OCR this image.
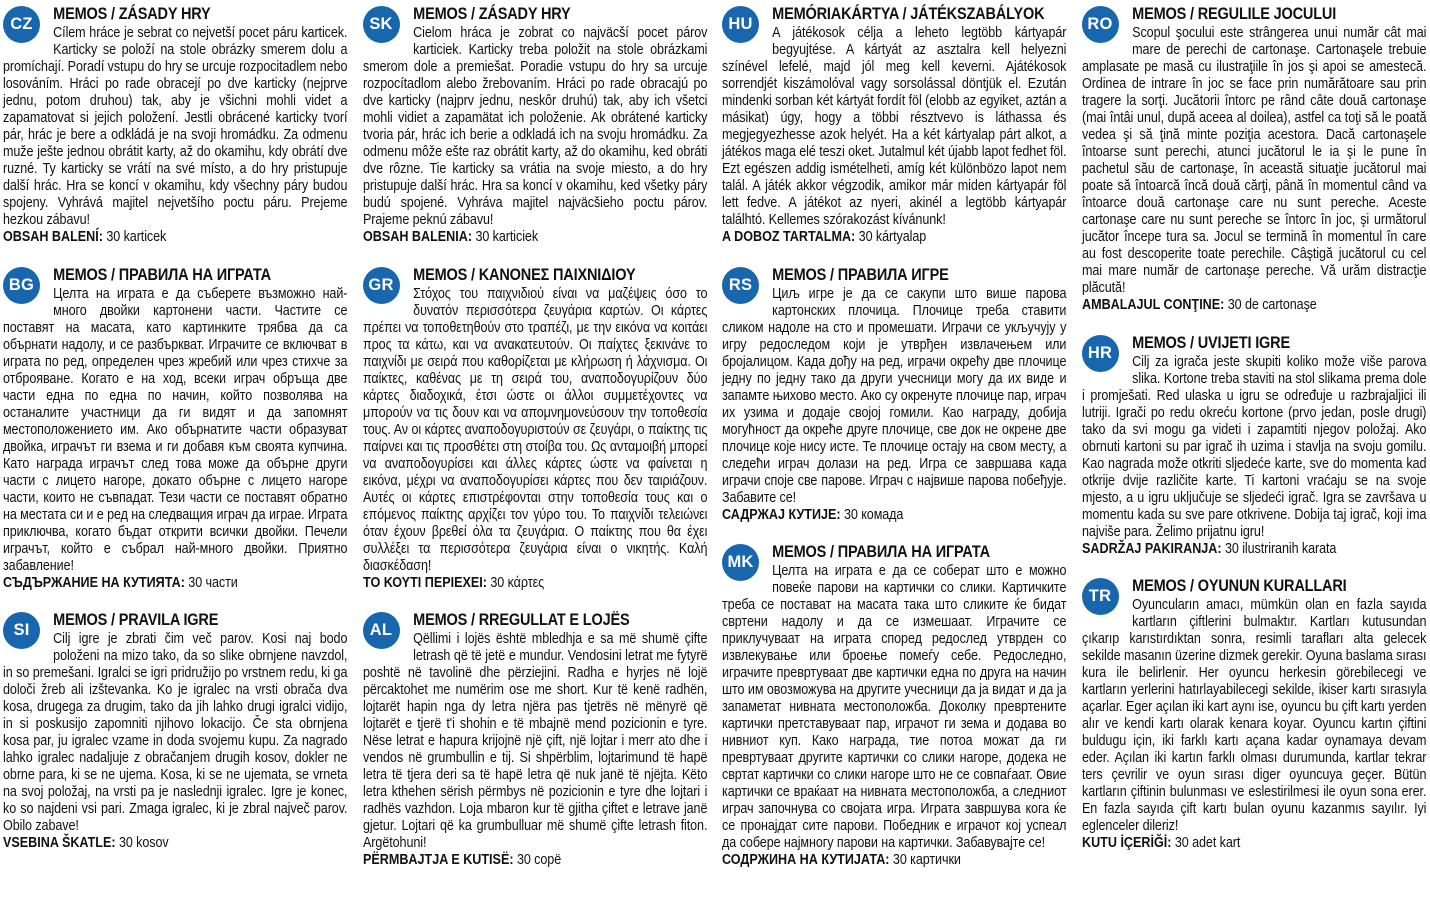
CZ
MEMOS / ZÁSADY HRY

Cílem hráce je sebrat co nejvetší pocet páru karticek. Karticky se položí na stole obrázky smerem dolu a promíchají. Poradí vstupu do hry se urcuje rozpocitadlem nebo losováním. Hráci po rade obracejí po dve karticky (nejprve jednu, potom druhou) tak, aby je všichni mohli videt a zapamatovat si jejich položení. Jestli obrácené karticky tvorí pár, hrác je bere a odkládá je na svoji hromádku. Za odmenu muže ješte jednou obrátit karty, až do okamihu, kdy obrátí dve ruzné. Ty karticky se vrátí na své místo, a do hry pristupuje další hrác. Hra se koncí v okamihu, kdy všechny páry budou spojeny. Vyhrává majitel nejvetšího poctu páru. Prejeme hezkou zábavu!

OBSAH BALENÍ: 30 karticek

BG
MEMOS / ПРАВИЛА НА ИГРАТА

Целта на играта е да съберете възможно най-много двойки картонени части. Частите се поставят на масата, като картинките трябва да са обърнати надолу, и се разбъркват. Играчите се включват в играта по ред, определен чрез жребий или чрез стихче за отброяване. Когато е на ход, всеки играч обръща две части една по една по начин, който позволява на останалите участници да ги видят и да запомнят местоположението им. Ако обърнатите части образуват двойка, играчът ги взема и ги добавя към своята купчина. Като награда играчът след това може да обърне други части с лицето нагоре, докато обърне с лицето нагоре части, които не съвпадат. Тези части се поставят обратно на местата си и е ред на следващия играч да играе. Играта приключва, когато бъдат открити всички двойки. Печели играчът, който е събрал най-много двойки. Приятно забавление!

СЪДЪРЖАНИЕ НА КУТИЯТА: 30 части

SI
MEMOS / PRAVILA IGRE

Cilj igre je zbrati čim več parov. Kosi naj bodo položeni na mizo tako, da so slike obrnjene navzdol, in so premešani. Igralci se igri pridružijo po vrstnem redu, ki ga določi žreb ali izštevanka. Ko je igralec na vrsti obrača dva kosa, drugega za drugim, tako da jih lahko drugi igralci vidijo, in si poskusijo zapomniti njihovo lokacijo. Če sta obrnjena kosa par, ju igralec vzame in doda svojemu kupu. Za nagrado lahko igralec nadaljuje z obračanjem drugih kosov, dokler ne obrne para, ki se ne ujema. Kosa, ki se ne ujemata, se vrneta na svoj položaj, na vrsti pa je naslednji igralec. Igre je konec, ko so najdeni vsi pari. Zmaga igralec, ki je zbral največ parov. Obilo zabave!

VSEBINA ŠKATLE: 30 kosov

SK
MEMOS / ZÁSADY HRY

Cielom hráca je zobrat co najväcší pocet párov karticiek. Karticky treba položit na stole obrázkami smerom dole a premiešat. Poradie vstupu do hry sa urcuje rozpocítadlom alebo žrebovaním. Hráci po rade obracajú po dve karticky (najprv jednu, neskôr druhú) tak, aby ich všetci mohli vidiet a zapamätat ich položenie. Ak obrátené karticky tvoria pár, hrác ich berie a odkladá ich na svoju hromádku. Za odmenu môže ešte raz obrátit karty, až do okamihu, ked obráti dve rôzne. Tie karticky sa vrátia na svoje miesto, a do hry pristupuje další hrác. Hra sa koncí v okamihu, ked všetky páry budú spojené. Vyhráva majitel najväcšieho poctu párov. Prajeme peknú zábavu!

OBSAH BALENIA: 30 karticiek

GR
MEMOS / ΚΑΝΟΝΕΣ ΠΑΙΧΝΙΔΙΟΥ

Στόχος του παιχνιδιού είναι να μαζέψεις όσο το δυνατόν περισσότερα ζευγάρια καρτών. Οι κάρτες πρέπει να τοποθετηθούν στο τραπέζι, με την εικόνα να κοιτάει προς τα κάτω, και να ανακατευτούν. Οι παίχτες ξεκινάνε το παιχνίδι με σειρά που καθορίζεται με κλήρωση ή λάχνισμα. Οι παίκτες, καθένας με τη σειρά του, αναποδογυρίζουν δύο κάρτες διαδοχικά, έτσι ώστε οι άλλοι συμμετέχοντες να μπορούν να τις δουν και να απομνημονεύσουν την τοποθεσία τους. Αν οι κάρτες αναποδογυριστούν σε ζευγάρι, ο παίκτης τις παίρνει και τις προσθέτει στη στοίβα του. Ως ανταμοιβή μπορεί να αναποδογυρίσει και άλλες κάρτες ώστε να φαίνεται η εικόνα, μέχρι να αναποδογυρίσει κάρτες που δεν ταιριάζουν. Αυτές οι κάρτες επιστρέφονται στην τοποθεσία τους και ο επόμενος παίκτης αρχίζει τον γύρο του. Το παιχνίδι τελειώνει όταν έχουν βρεθεί όλα τα ζευγάρια. Ο παίκτης που θα έχει συλλέξει τα περισσότερα ζευγάρια είναι ο νικητής. Καλή διασκέδαση!

ΤΟ ΚΟΥΤΙ ΠΕΡΙΕΧΕΙ: 30 κάρτες

AL
MEMOS / RREGULLAT E LOJËS

Qëllimi i lojës është mbledhja e sa më shumë çifte letrash që të jetë e mundur. Vendosini letrat me fytyrë poshtë në tavolinë dhe përziejini. Radha e hyrjes në lojë përcaktohet me numërim ose me short. Kur të kenë radhën, lojtarët hapin nga dy letra njëra pas tjetrës në mënyrë që lojtarët e tjerë t'i shohin e të mbajnë mend pozicionin e tyre. Nëse letrat e hapura krijojnë një çift, një lojtar i merr ato dhe i vendos në grumbullin e tij. Si shpërblim, lojtarimund të hapë letra të tjera deri sa të hapë letra që nuk janë të njëjta. Këto letra kthehen sërish përmbys në pozicionin e tyre dhe lojtari i radhës vazhdon. Loja mbaron kur të gjitha çiftet e letrave janë gjetur. Lojtari që ka grumbulluar më shumë çifte letrash fiton. Argëtohuni!

PËRMBAJTJA E KUTISË: 30 copë

HU
MEMÓRIAKÁRTYA / JÁTÉKSZABÁLYOK

A játékosok célja a leheto legtöbb kártyapár begyujtése. A kártyát az asztalra kell helyezni színével lefelé, majd jól meg kell keverni. Ajátékosok sorrendjét kiszámolóval vagy sorsolással döntjük el. Ezután mindenki sorban két kártyát fordít föl (elobb az egyiket, aztán a másikat) úgy, hogy a többi résztvevo is láthassa és megjegyezhesse azok helyét. Ha a két kártyalap párt alkot, a játékos maga elé teszi oket. Jutalmul két újabb lapot fedhet föl. Ezt egészen addig ismételheti, amíg két különbözo lapot nem talál. A játék akkor végzodik, amikor már miden kártyapár föl lett fedve. A játékot az nyeri, akinél a legtöbb kártyapár találhtó. Kellemes szórakozást kívánunk!

A DOBOZ TARTALMA: 30 kártyalap

RS
MEMOS / ПРАВИЛА ИГРЕ

Циљ игре је да се сакупи што више парова картонских плочица. Плочице треба ставити сликом надоле на сто и промешати. Играчи се укључују у игру редоследом који је утврђен извлачењем или бројалицом. Када дођу на ред, играчи окрећу две плочице једну по једну тако да други учесници могу да их виде и запамте њихово место. Ако су окренуте плочице пар, играч их узима и додаје својој гомили. Као награду, добија могућност да окреће друге плочице, све док не окрене две плочице које нису исте. Те плочице остају на свом месту, а следећи играч долази на ред. Игра се завршава када играчи споје све парове. Играч с највише парова побеђује. Забавите се!

САДРЖАЈ КУТИЈЕ: 30 комада

MK
MEMOS / ПРАВИЛА НА ИГРАТА

Целта на играта е да се соберат што е можно повеќе парови на картички со слики. Картичките треба се постават на масата така што сликите ќе бидат свртени надолу и да се измешаат. Играчите се приклучуваат на играта според редослед утврден со извлекување или броење помеѓу себе. Редоследно, играчите превртуваат две картички една по друга на начин што им овозможува на другите учесници да ја видат и да ја запаметат нивната местоположба. Доколку превртените картички претставуваат пар, играчот ги зема и додава во нивниот куп. Како награда, тие потоа можат да ги превртуваат другите картички со слики нагоре, додека не свртат картички со слики нагоре што не се совпаѓаат. Овие картички се враќаат на нивната местоположба, а следниот играч започнува со својата игра. Играта завршува кога ќе се пронајдат сите парови. Победник е играчот кој успеал да собере најмногу парови на картички. Забавувајте се!

СОДРЖИНА НА КУТИЈАТА: 30 картички

RO
MEMOS / REGULILE JOCULUI

Scopul şocului este strângerea unui număr cât mai mare de perechi de cartonaşe. Cartonaşele trebuie amplasate pe masă cu ilustraţiile în jos şi apoi se amestecă. Ordinea de intrare în joc se face prin numărătoare sau prin tragere la sorţi. Jucătorii întorc pe rând câte două cartonaşe (mai întâi unul, după aceea al doilea), astfel ca toţi să le poată vedea şi să ţină minte poziţia acestora. Dacă cartonaşele întoarse sunt perechi, atunci jucătorul le ia şi le pune în pachetul său de cartonaşe, în această situaţie jucătorul mai poate să întoarcă încă două cărţi, până în momentul când va întoarce două cartonaşe care nu sunt pereche. Aceste cartonaşe care nu sunt pereche se întorc în joc, şi următorul jucător începe tura sa. Jocul se termină în momentul în care au fost descoperite toate perechile. Câştigă jucătorul cu cel mai mare număr de cartonaşe pereche. Vă urăm distracţie plăcută!

AMBALAJUL CONŢINE: 30 de cartonaşe

HR
MEMOS / UVIJETI IGRE

Cilj za igrača jeste skupiti koliko može više parova slika. Kortone treba staviti na stol slikama prema dole i promješati. Red ulaska u igru se određuje u razbrajaljici ili lutriji. Igrači po redu okreću kortone (prvo jedan, posle drugi) tako da svi mogu ga videti i zapamtiti njegov položaj. Ako obrnuti kartoni su par igrač ih uzima i stavlja na svoju gomilu. Kao nagrada može otkriti sljedeće karte, sve do momenta kad otkrije dvije različite karte. Ti kartoni vraćaju se na svoje mjesto, a u igru uključuje se sljedeći igrač. Igra se završava u momentu kada su sve pare otkrivene. Dobija taj igrač, koji ima najviše para. Želimo prijatnu igru!

SADRŽAJ PAKIRANJA: 30 ilustriranih karata

TR
MEMOS / OYUNUN KURALLARI

Oyuncuların amacı, mümkün olan en fazla sayıda kartların çiftlerini bulmaktır. Kartları kutusundan çıkarıp karıstırdıktan sonra, resimli tarafları alta gelecek sekilde masanın üzerine dizmek gerekir. Oyuna baslama sırası kura ile belirlenir. Her oyuncu herkesin görebilecegi ve kartların yerlerini hatırlayabilecegi sekilde, ikiser kartı sırasıyla açarlar. Eger açılan iki kart aynı ise, oyuncu bu çift kartı yerden alır ve kendi kartı olarak kenara koyar. Oyuncu kartın çiftini buldugu için, iki farklı kartı açana kadar oynamaya devam eder. Açılan iki kartın farklı olması durumunda, kartlar tekrar ters çevrilir ve oyun sırası diger oyuncuya geçer. Bütün kartların çiftinin bulunması ve eslestirilmesi ile oyun sona erer. En fazla sayıda çift kartı bulan oyunu kazanmıs sayılır. Iyi eglenceler dileriz!

KUTU İÇERİĞİ: 30 adet kart
